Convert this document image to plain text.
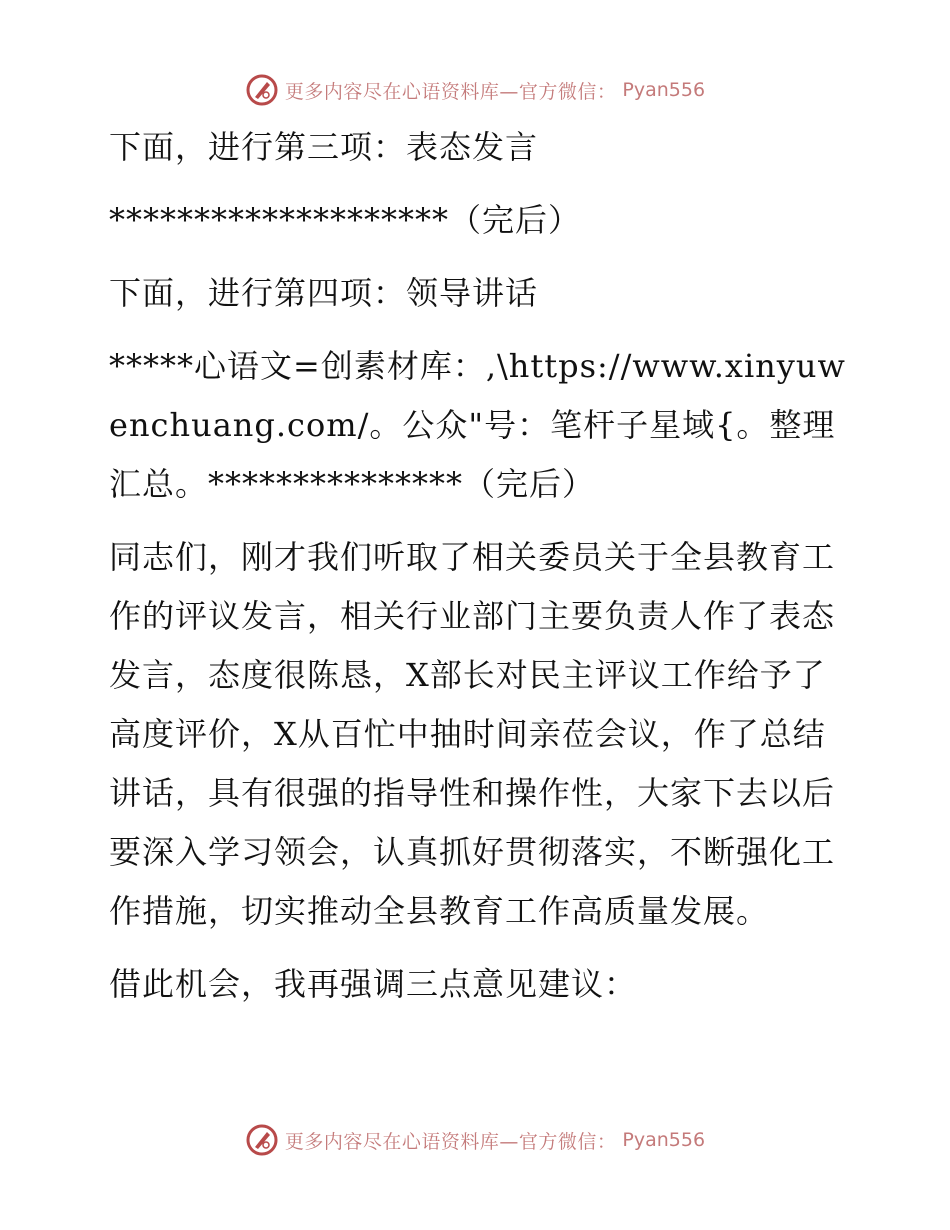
更多内容尽在心语资料库—官方微信： Pyan556

下面，进行第三项：表态发言

********************（完后）

下面，进行第四项：领导讲话

*****心语文=创素材库：,\https://www.xinyuwenchuang.com/。公众"号：笔杆子星域{。整理汇总。***************（完后）

同志们，刚才我们听取了相关委员关于全县教育工作的评议发言，相关行业部门主要负责人作了表态发言，态度很陈恳，X部长对民主评议工作给予了高度评价，X从百忙中抽时间亲莅会议，作了总结讲话，具有很强的指导性和操作性，大家下去以后要深入学习领会，认真抓好贯彻落实，不断强化工作措施，切实推动全县教育工作高质量发展。

借此机会，我再强调三点意见建议：

更多内容尽在心语资料库—官方微信： Pyan556
